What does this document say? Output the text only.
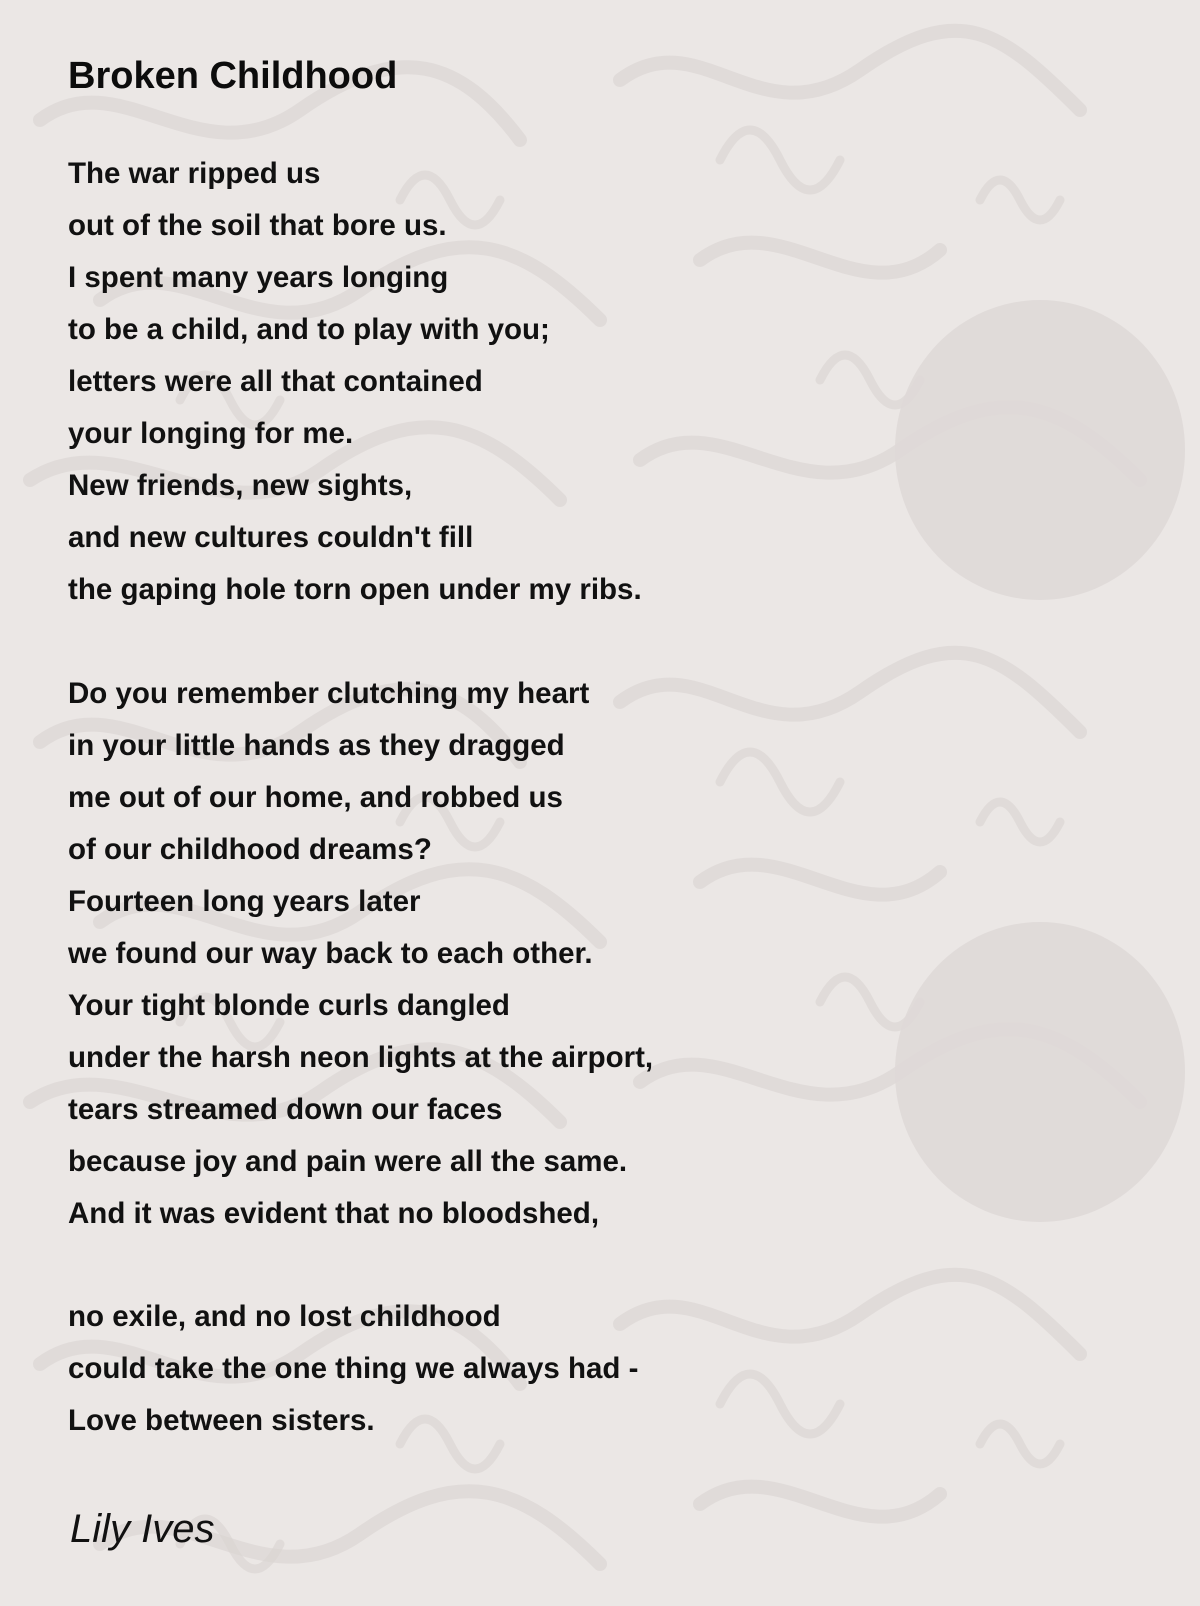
Broken Childhood
The war ripped us
out of the soil that bore us.
I spent many years longing
to be a child, and to play with you;
letters were all that contained
your longing for me.
New friends, new sights,
and new cultures couldn't fill
the gaping hole torn open under my ribs.
Do you remember clutching my heart
in your little hands as they dragged
me out of our home, and robbed us
of our childhood dreams?
Fourteen long years later
we found our way back to each other.
Your tight blonde curls dangled
under the harsh neon lights at the airport,
tears streamed down our faces
because joy and pain were all the same.
And it was evident that no bloodshed,
no exile, and no lost childhood
could take the one thing we always had -
Love between sisters.
Lily Ives
